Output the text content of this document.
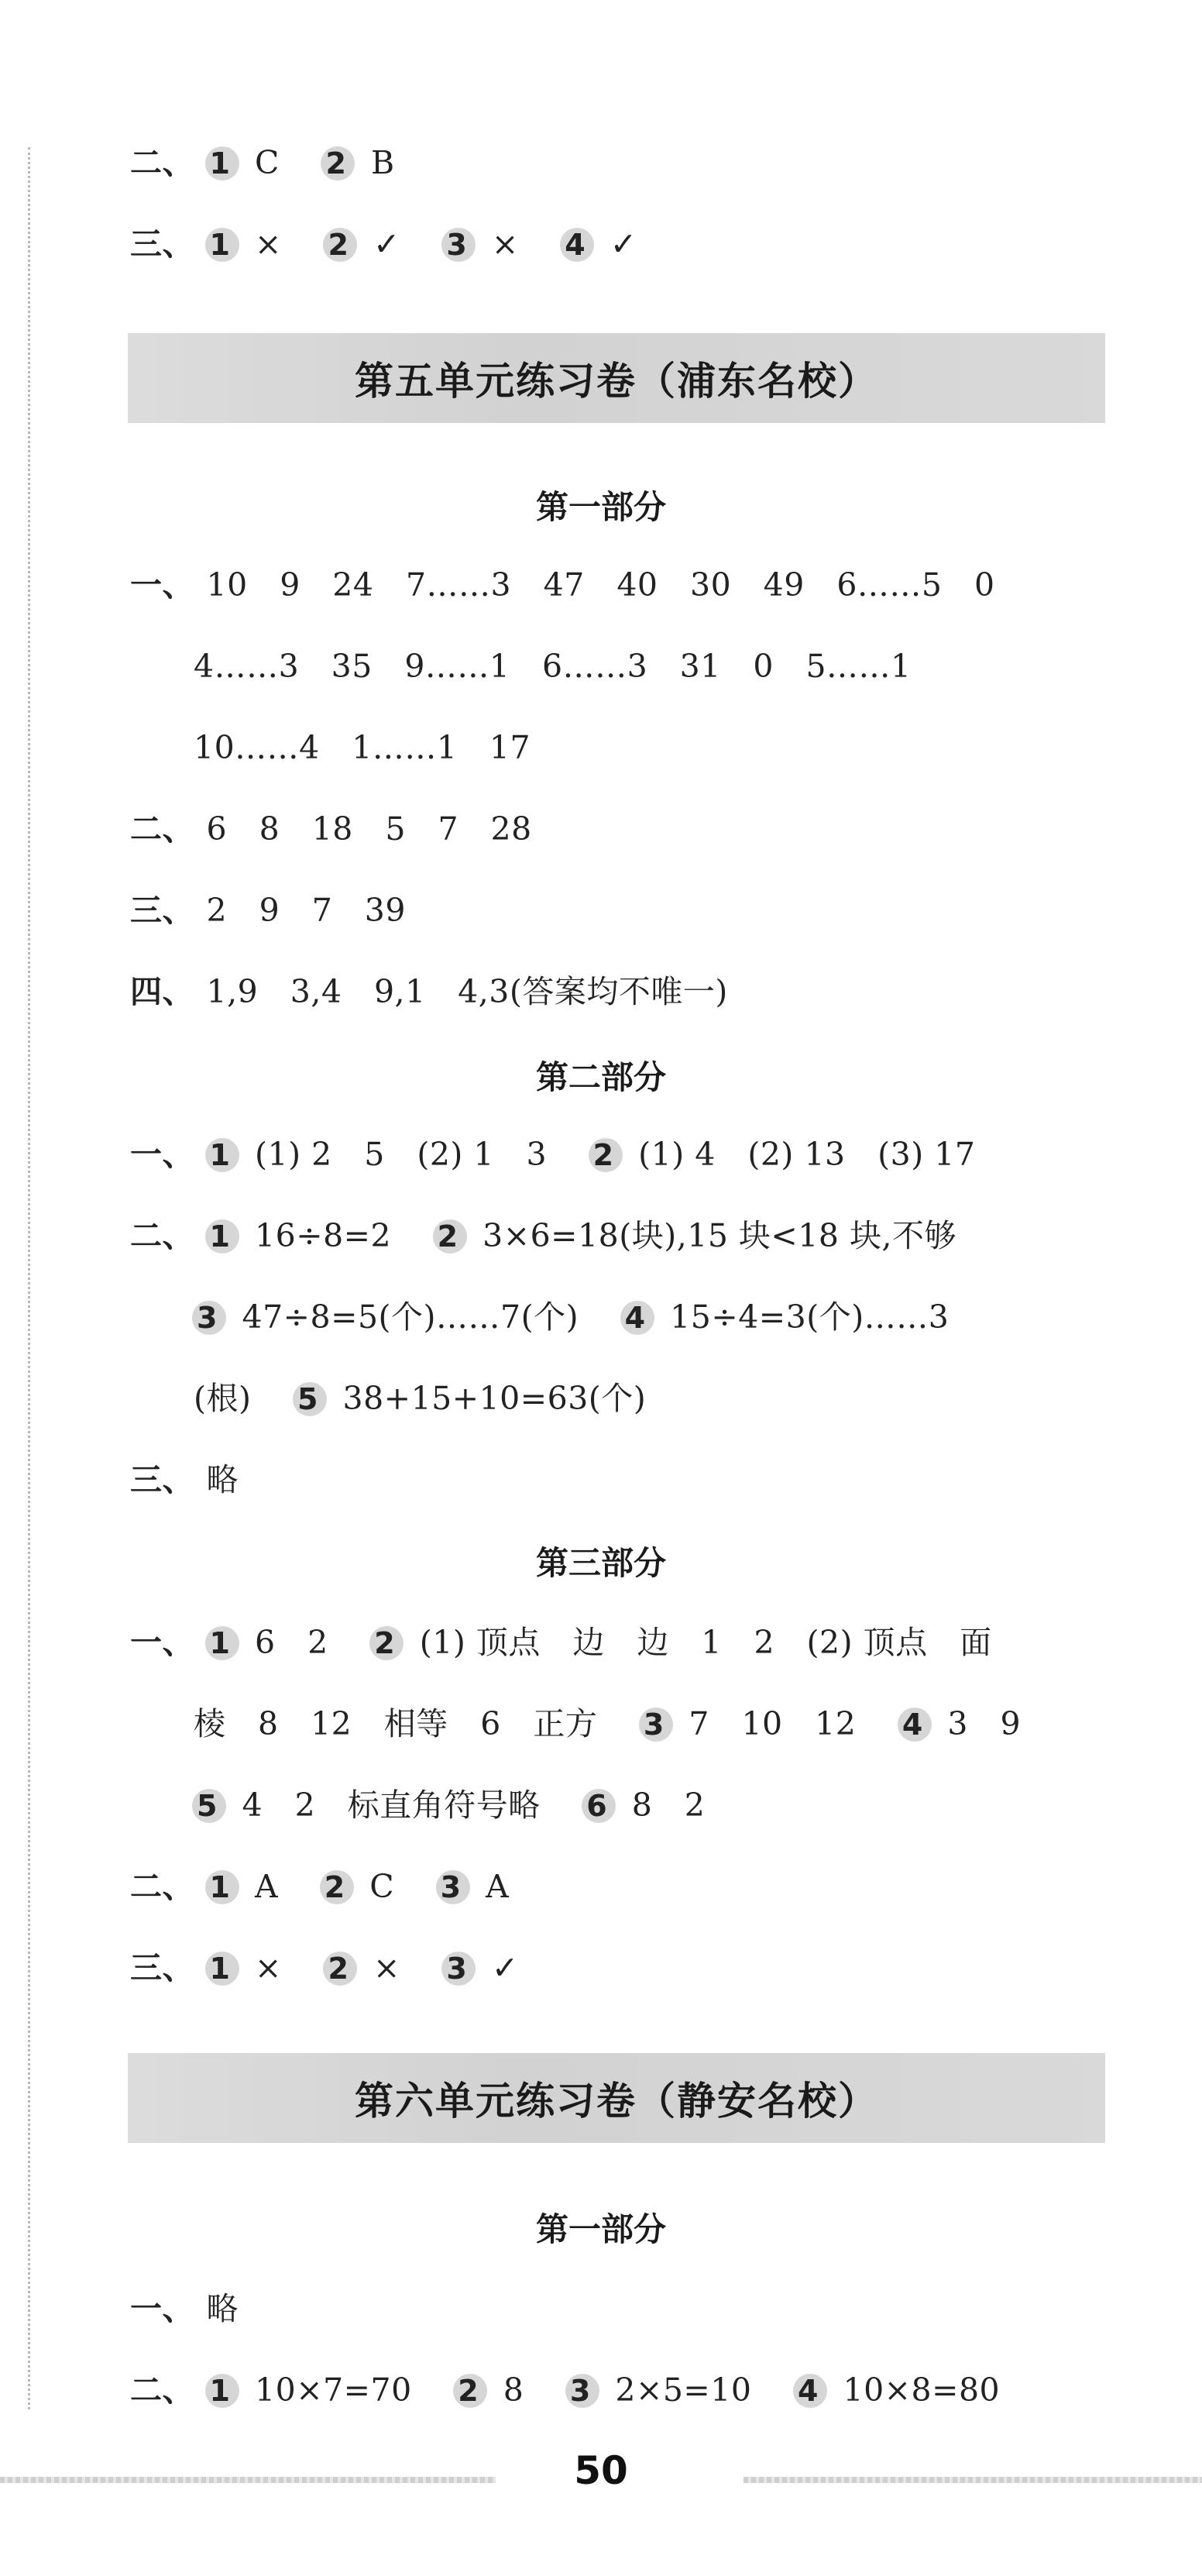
二、 1 C 2 B
三、 1 × 2 ✓ 3 × 4 ✓
第五单元练习卷（浦东名校）
第一部分
一、 10　9　24　7……3　47　40　30　49　6……5　0
4……3　35　9……1　6……3　31　0　5……1
10……4　1……1　17
二、 6　8　18　5　7　28
三、 2　9　7　39
四、 1,9　3,4　9,1　4,3(答案均不唯一)
第二部分
一、 1 (1) 2　5　(2) 1　3 2 (1) 4　(2) 13　(3) 17
二、 1 16÷8=2 2 3×6=18(块),15 块<18 块,不够
3 47÷8=5(个)……7(个) 4 15÷4=3(个)……3
(根) 5 38+15+10=63(个)
三、 略
第三部分
一、 1 6　2 2 (1) 顶点　边　边　1　2　(2) 顶点　面
棱　8　12　相等　6　正方 3 7　10　12 4 3　9
5 4　2　标直角符号略 6 8　2
二、 1 A 2 C 3 A
三、 1 × 2 × 3 ✓
第六单元练习卷（静安名校）
第一部分
一、 略
二、 1 10×7=70 2 8 3 2×5=10 4 10×8=80
50
